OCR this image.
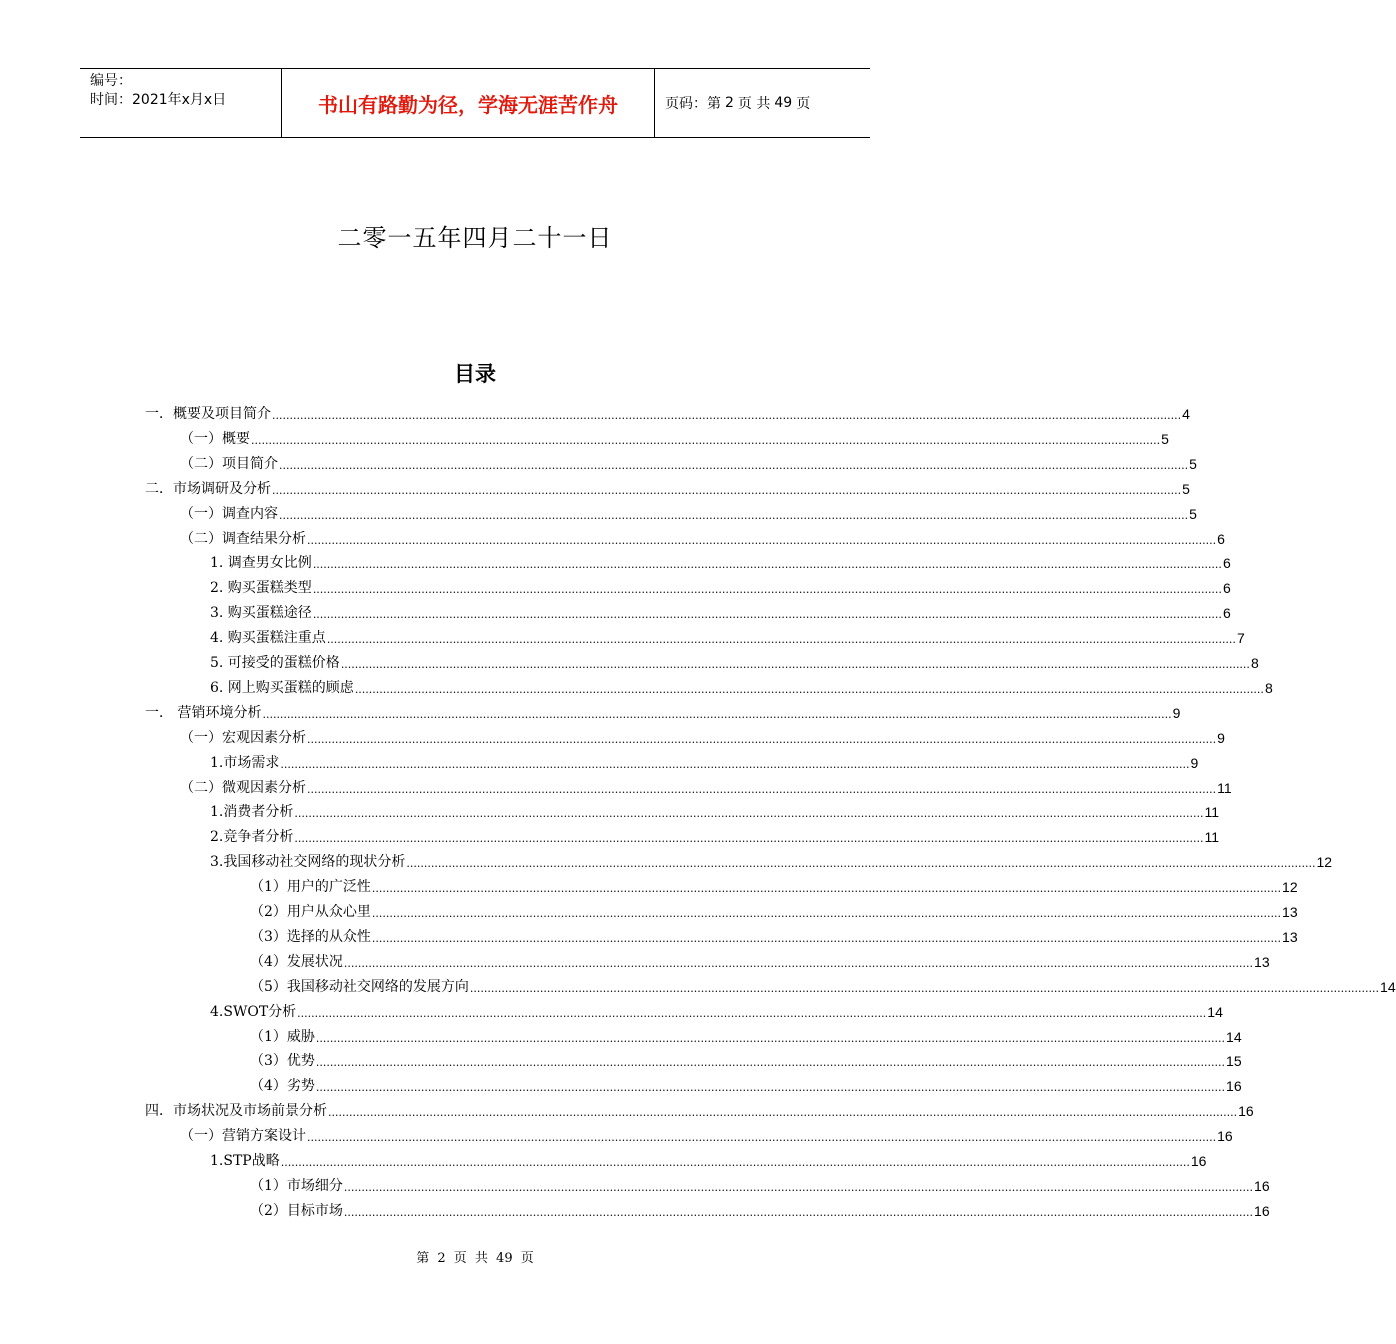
编号：
时间：2021年x月x日	书山有路勤为径，学海无涯苦作舟	页码：第 2 页 共 49 页
二零一五年四月二十一日
目录
一．概要及项目简介 .................................................................................................................................................................................................................................................................... 4
（一）概要 .................................................................................................................................................................................................................................................................... 5
（二）项目简介 .................................................................................................................................................................................................................................................................... 5
二．市场调研及分析 .................................................................................................................................................................................................................................................................... 5
（一）调查内容 .................................................................................................................................................................................................................................................................... 5
（二）调查结果分析 .................................................................................................................................................................................................................................................................... 6
1. 调查男女比例 .................................................................................................................................................................................................................................................................... 6
2. 购买蛋糕类型 .................................................................................................................................................................................................................................................................... 6
3. 购买蛋糕途径 .................................................................................................................................................................................................................................................................... 6
4. 购买蛋糕注重点 .................................................................................................................................................................................................................................................................... 7
5. 可接受的蛋糕价格 .................................................................................................................................................................................................................................................................... 8
6. 网上购买蛋糕的顾虑 .................................................................................................................................................................................................................................................................... 8
一． 营销环境分析 .................................................................................................................................................................................................................................................................... 9
（一）宏观因素分析 .................................................................................................................................................................................................................................................................... 9
1.市场需求 .................................................................................................................................................................................................................................................................... 9
（二）微观因素分析 .................................................................................................................................................................................................................................................................... 11
1.消费者分析 .................................................................................................................................................................................................................................................................... 11
2.竞争者分析 .................................................................................................................................................................................................................................................................... 11
3.我国移动社交网络的现状分析 .................................................................................................................................................................................................................................................................... 12
（1）用户的广泛性 .................................................................................................................................................................................................................................................................... 12
（2）用户从众心里 .................................................................................................................................................................................................................................................................... 13
（3）选择的从众性 .................................................................................................................................................................................................................................................................... 13
（4）发展状况 .................................................................................................................................................................................................................................................................... 13
（5）我国移动社交网络的发展方向 .................................................................................................................................................................................................................................................................... 14
4.SWOT分析 .................................................................................................................................................................................................................................................................... 14
（1）威胁 .................................................................................................................................................................................................................................................................... 14
（3）优势 .................................................................................................................................................................................................................................................................... 15
（4）劣势 .................................................................................................................................................................................................................................................................... 16
四．市场状况及市场前景分析 .................................................................................................................................................................................................................................................................... 16
（一）营销方案设计 .................................................................................................................................................................................................................................................................... 16
1.STP战略 .................................................................................................................................................................................................................................................................... 16
（1）市场细分 .................................................................................................................................................................................................................................................................... 16
（2）目标市场 .................................................................................................................................................................................................................................................................... 16
第 2 页 共 49 页
